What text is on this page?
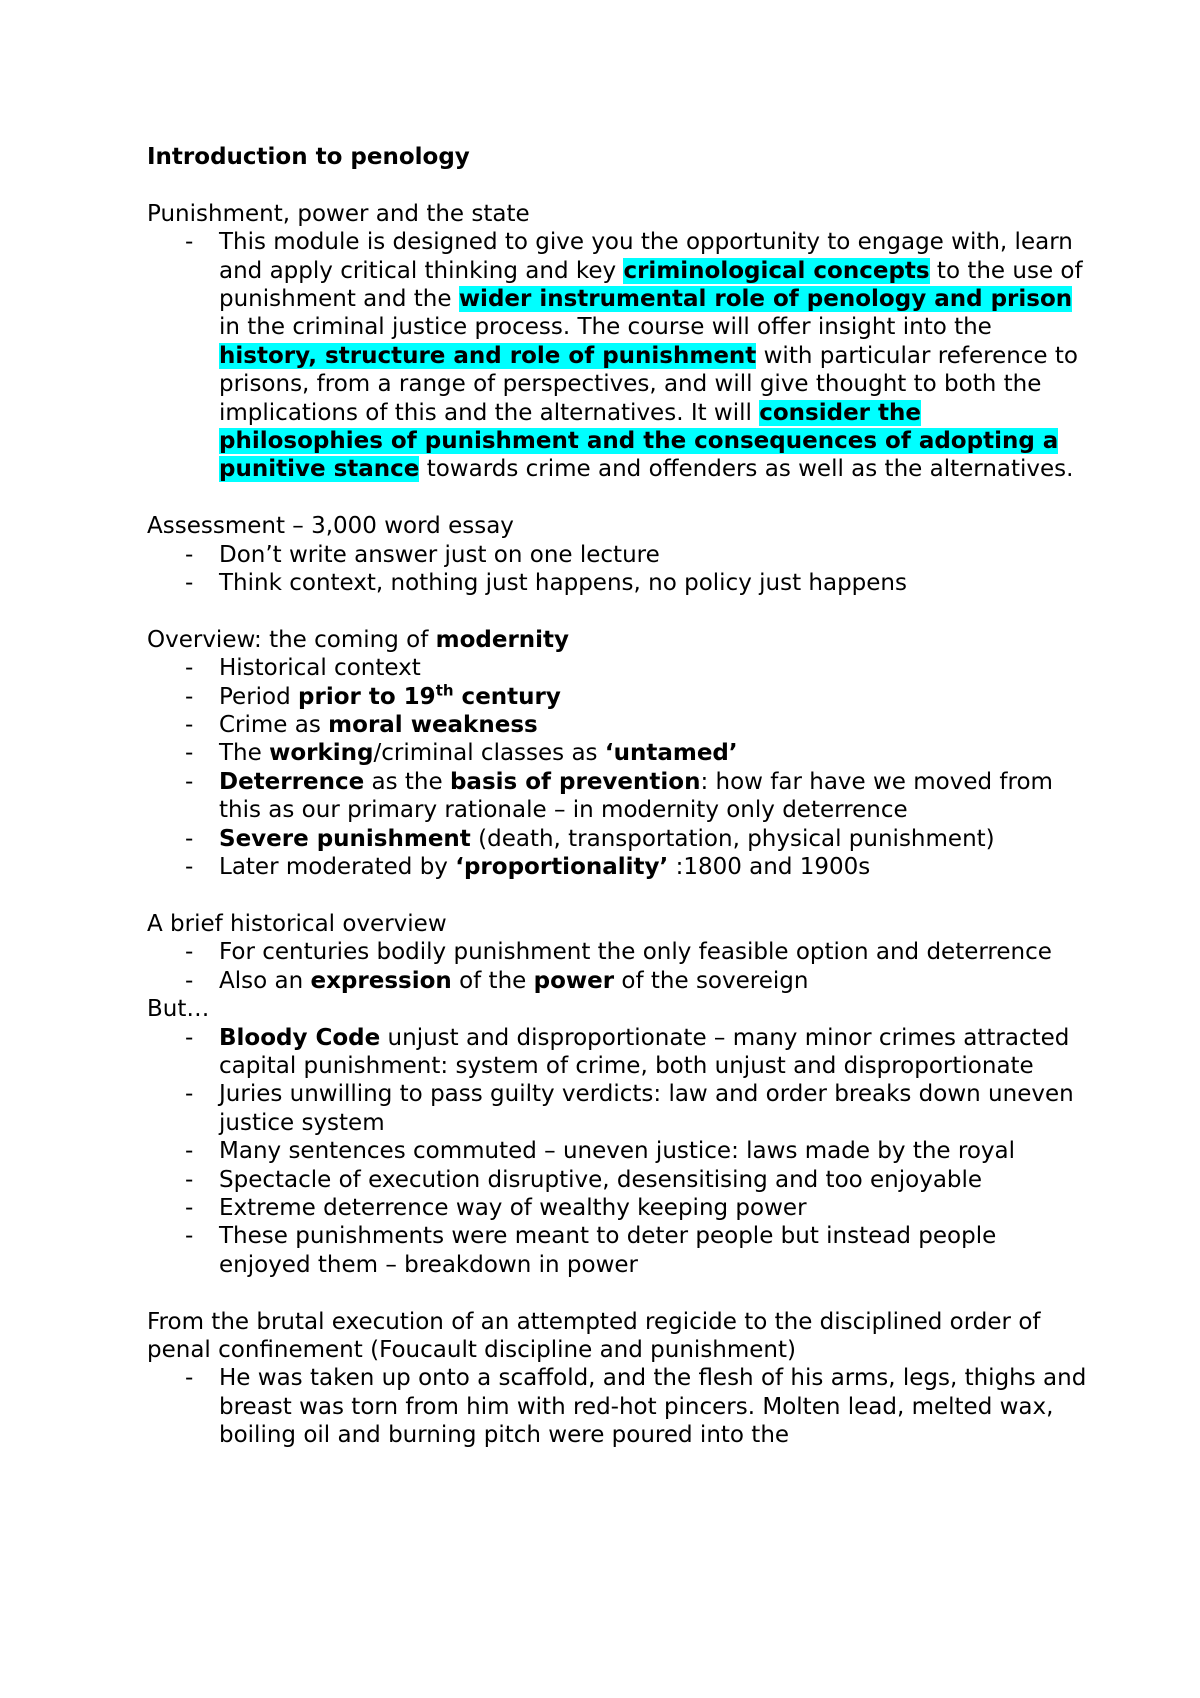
Introduction to penology
Punishment, power and the state
- This module is designed to give you the opportunity to engage with, learn and apply critical thinking and key criminological concepts to the use of punishment and the wider instrumental role of penology and prison in the criminal justice process. The course will offer insight into the history, structure and role of punishment with particular reference to prisons, from a range of perspectives, and will give thought to both the implications of this and the alternatives. It will consider the philosophies of punishment and the consequences of adopting a punitive stance towards crime and offenders as well as the alternatives.
Assessment – 3,000 word essay
- Don’t write answer just on one lecture
- Think context, nothing just happens, no policy just happens
Overview: the coming of modernity
- Historical context
- Period prior to 19th century
- Crime as moral weakness
- The working/criminal classes as ‘untamed’
- Deterrence as the basis of prevention: how far have we moved from this as our primary rationale – in modernity only deterrence
- Severe punishment (death, transportation, physical punishment)
- Later moderated by ‘proportionality’ :1800 and 1900s
A brief historical overview
- For centuries bodily punishment the only feasible option and deterrence
- Also an expression of the power of the sovereign
But…
- Bloody Code unjust and disproportionate – many minor crimes attracted capital punishment: system of crime, both unjust and disproportionate
- Juries unwilling to pass guilty verdicts: law and order breaks down uneven justice system
- Many sentences commuted – uneven justice: laws made by the royal
- Spectacle of execution disruptive, desensitising and too enjoyable
- Extreme deterrence way of wealthy keeping power
- These punishments were meant to deter people but instead people enjoyed them – breakdown in power
From the brutal execution of an attempted regicide to the disciplined order of penal confinement (Foucault discipline and punishment)
- He was taken up onto a scaffold, and the flesh of his arms, legs, thighs and breast was torn from him with red-hot pincers. Molten lead, melted wax, boiling oil and burning pitch were poured into the
